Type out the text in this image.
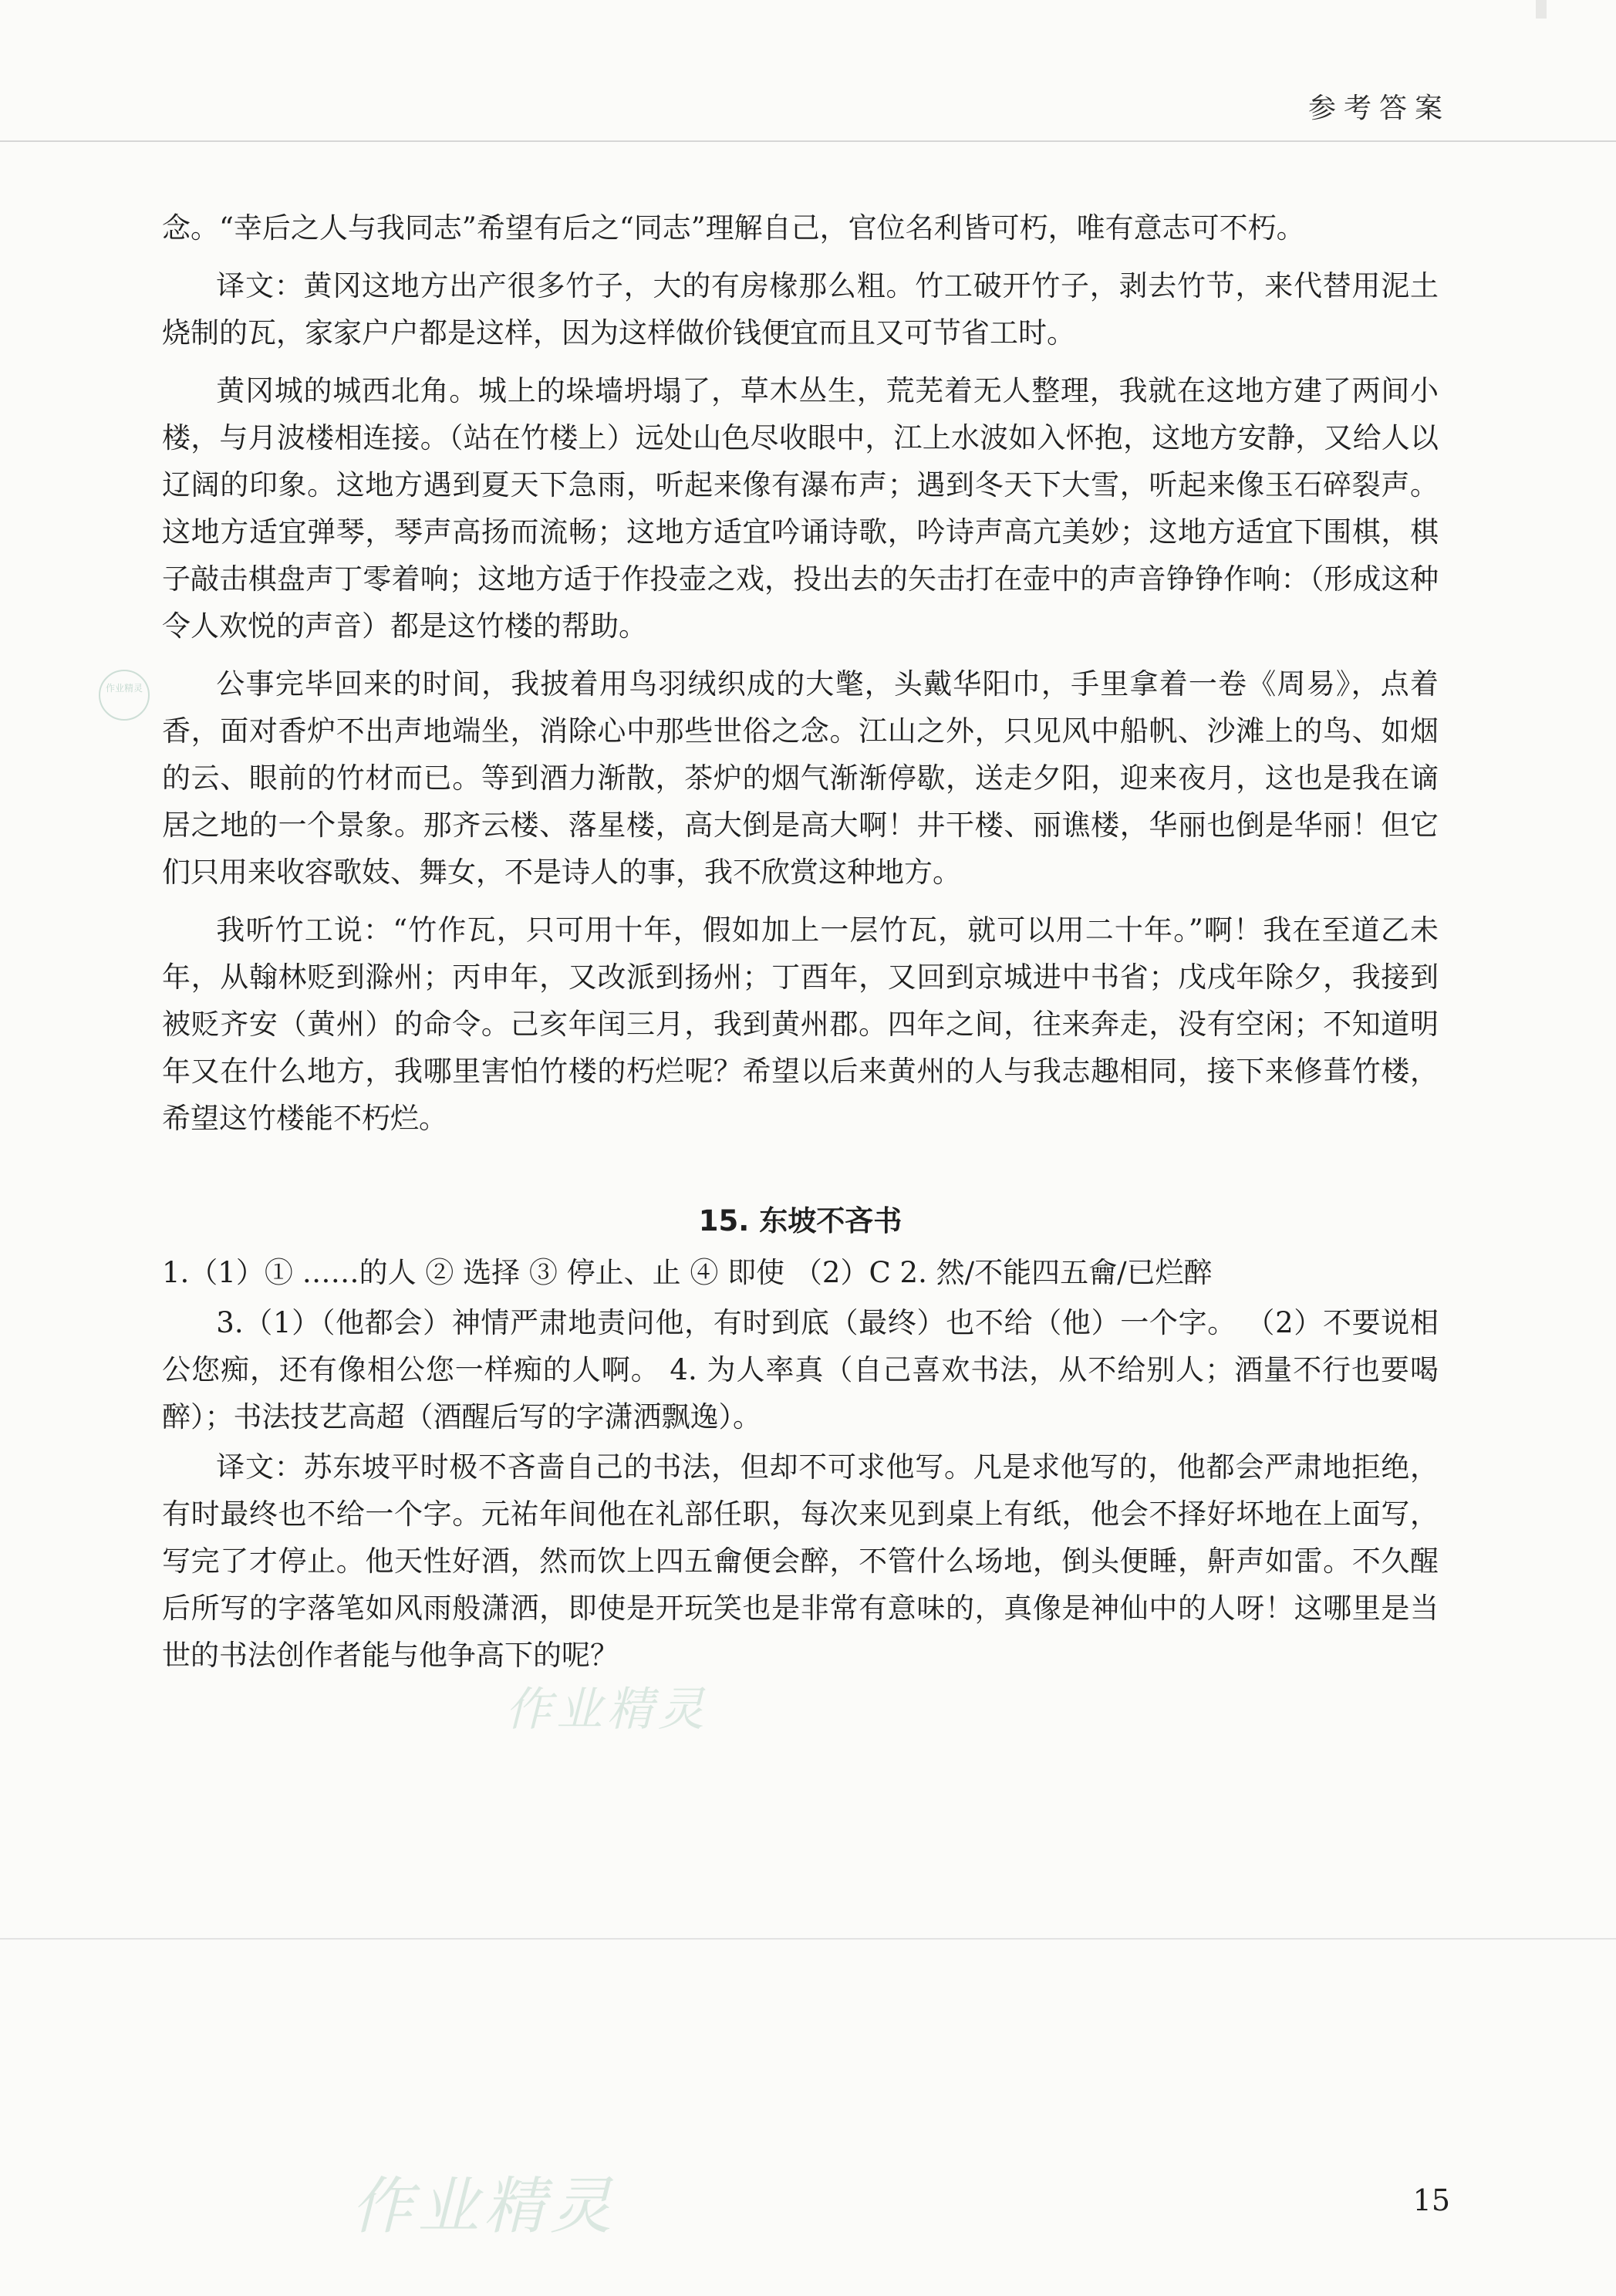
参考答案
作业精灵

念。“幸后之人与我同志”希望有后之“同志”理解自己，官位名利皆可朽，唯有意志可不朽。

译文：黄冈这地方出产很多竹子，大的有房椽那么粗。竹工破开竹子，剥去竹节，来代替用泥土烧制的瓦，家家户户都是这样，因为这样做价钱便宜而且又可节省工时。

黄冈城的城西北角。城上的垛墙坍塌了，草木丛生，荒芜着无人整理，我就在这地方建了两间小楼，与月波楼相连接。（站在竹楼上）远处山色尽收眼中，江上水波如入怀抱，这地方安静，又给人以辽阔的印象。这地方遇到夏天下急雨，听起来像有瀑布声；遇到冬天下大雪，听起来像玉石碎裂声。这地方适宜弹琴，琴声高扬而流畅；这地方适宜吟诵诗歌，吟诗声高亢美妙；这地方适宜下围棋，棋子敲击棋盘声丁零着响；这地方适于作投壶之戏，投出去的矢击打在壶中的声音铮铮作响：（形成这种令人欢悦的声音）都是这竹楼的帮助。

公事完毕回来的时间，我披着用鸟羽绒织成的大氅，头戴华阳巾，手里拿着一卷《周易》，点着香，面对香炉不出声地端坐，消除心中那些世俗之念。江山之外，只见风中船帆、沙滩上的鸟、如烟的云、眼前的竹材而已。等到酒力渐散，茶炉的烟气渐渐停歇，送走夕阳，迎来夜月，这也是我在谪居之地的一个景象。那齐云楼、落星楼，高大倒是高大啊！井干楼、丽谯楼，华丽也倒是华丽！但它们只用来收容歌妓、舞女，不是诗人的事，我不欣赏这种地方。

我听竹工说：“竹作瓦，只可用十年，假如加上一层竹瓦，就可以用二十年。”啊！我在至道乙未年，从翰林贬到滁州；丙申年，又改派到扬州；丁酉年，又回到京城进中书省；戊戌年除夕，我接到被贬齐安（黄州）的命令。己亥年闰三月，我到黄州郡。四年之间，往来奔走，没有空闲；不知道明年又在什么地方，我哪里害怕竹楼的朽烂呢？希望以后来黄州的人与我志趣相同，接下来修葺竹楼，希望这竹楼能不朽烂。

15. 东坡不吝书

1.（1）① ……的人 ② 选择 ③ 停止、止 ④ 即使 （2）C 2. 然/不能四五龠/已烂醉

3.（1）（他都会）神情严肃地责问他，有时到底（最终）也不给（他）一个字。 （2）不要说相公您痴，还有像相公您一样痴的人啊。 4. 为人率真（自己喜欢书法，从不给别人；酒量不行也要喝醉）；书法技艺高超（酒醒后写的字潇洒飘逸）。

译文：苏东坡平时极不吝啬自己的书法，但却不可求他写。凡是求他写的，他都会严肃地拒绝，有时最终也不给一个字。元祐年间他在礼部任职，每次来见到桌上有纸，他会不择好坏地在上面写，写完了才停止。他天性好酒，然而饮上四五龠便会醉，不管什么场地，倒头便睡，鼾声如雷。不久醒后所写的字落笔如风雨般潇洒，即使是开玩笑也是非常有意味的，真像是神仙中的人呀！这哪里是当世的书法创作者能与他争高下的呢？

作业精灵
作业精灵	15
